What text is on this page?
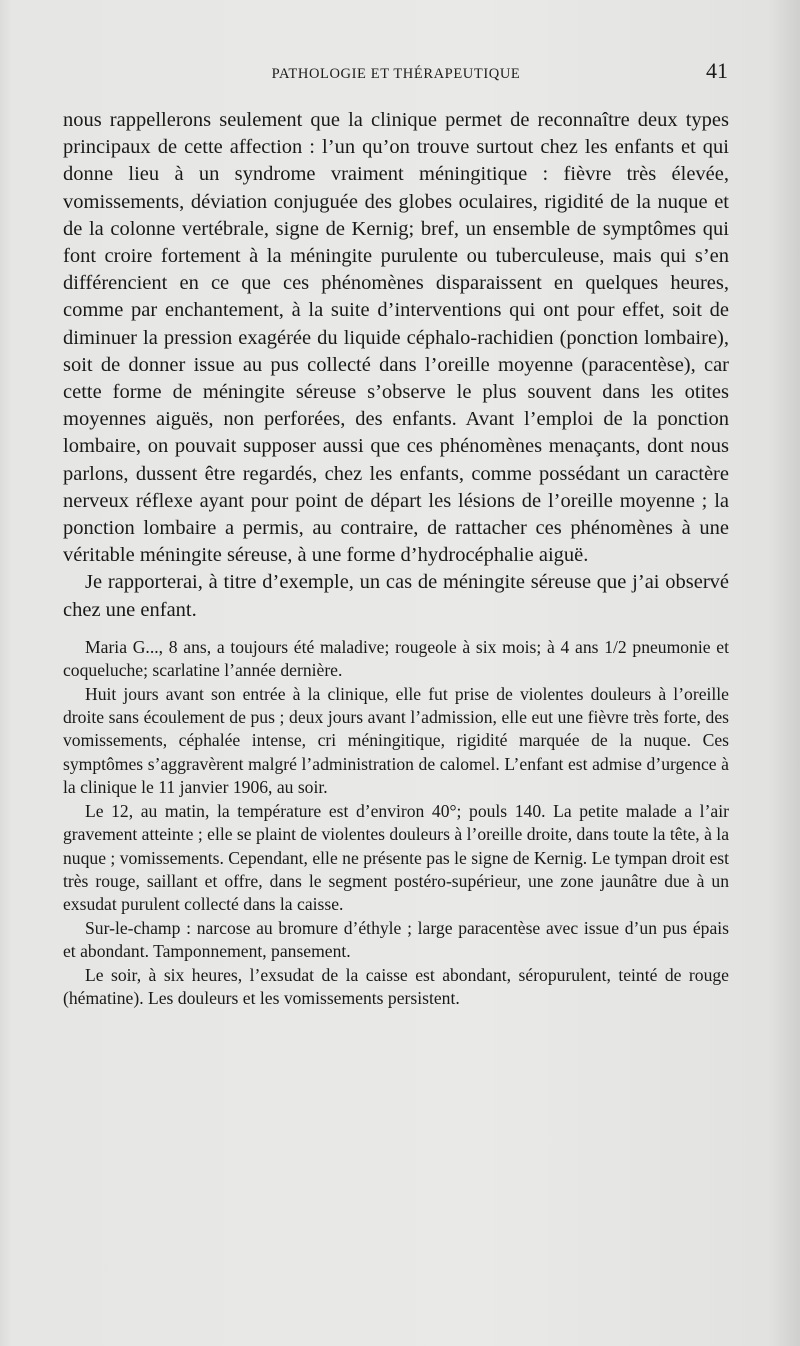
PATHOLOGIE ET THÉRAPEUTIQUE	41

nous rappellerons seulement que la clinique permet de reconnaître deux types principaux de cette affection : l’un qu’on trouve surtout chez les enfants et qui donne lieu à un syndrome vraiment méningitique : fièvre très élevée, vomissements, déviation conjuguée des globes oculaires, rigidité de la nuque et de la colonne vertébrale, signe de Kernig; bref, un ensemble de symptômes qui font croire fortement à la méningite purulente ou tuberculeuse, mais qui s’en différencient en ce que ces phénomènes disparaissent en quelques heures, comme par enchantement, à la suite d’interventions qui ont pour effet, soit de diminuer la pression exagérée du liquide céphalo-rachidien (ponction lombaire), soit de donner issue au pus collecté dans l’oreille moyenne (paracentèse), car cette forme de méningite séreuse s’observe le plus souvent dans les otites moyennes aiguës, non perforées, des enfants. Avant l’emploi de la ponction lombaire, on pouvait supposer aussi que ces phénomènes menaçants, dont nous parlons, dussent être regardés, chez les enfants, comme possédant un caractère nerveux réflexe ayant pour point de départ les lésions de l’oreille moyenne ; la ponction lombaire a permis, au contraire, de rattacher ces phénomènes à une véritable méningite séreuse, à une forme d’hydrocéphalie aiguë.

Je rapporterai, à titre d’exemple, un cas de méningite séreuse que j’ai observé chez une enfant.

Maria G..., 8 ans, a toujours été maladive; rougeole à six mois; à 4 ans 1/2 pneumonie et coqueluche; scarlatine l’année dernière.

Huit jours avant son entrée à la clinique, elle fut prise de violentes douleurs à l’oreille droite sans écoulement de pus ; deux jours avant l’admission, elle eut une fièvre très forte, des vomissements, céphalée intense, cri méningitique, rigidité marquée de la nuque. Ces symptômes s’aggravèrent malgré l’administration de calomel. L’enfant est admise d’urgence à la clinique le 11 janvier 1906, au soir.

Le 12, au matin, la température est d’environ 40°; pouls 140. La petite malade a l’air gravement atteinte ; elle se plaint de violentes douleurs à l’oreille droite, dans toute la tête, à la nuque ; vomissements. Cependant, elle ne présente pas le signe de Kernig. Le tympan droit est très rouge, saillant et offre, dans le segment postéro-supérieur, une zone jaunâtre due à un exsudat purulent collecté dans la caisse.

Sur-le-champ : narcose au bromure d’éthyle ; large paracentèse avec issue d’un pus épais et abondant. Tamponnement, pansement.

Le soir, à six heures, l’exsudat de la caisse est abondant, séropurulent, teinté de rouge (hématine). Les douleurs et les vomissements persistent.
